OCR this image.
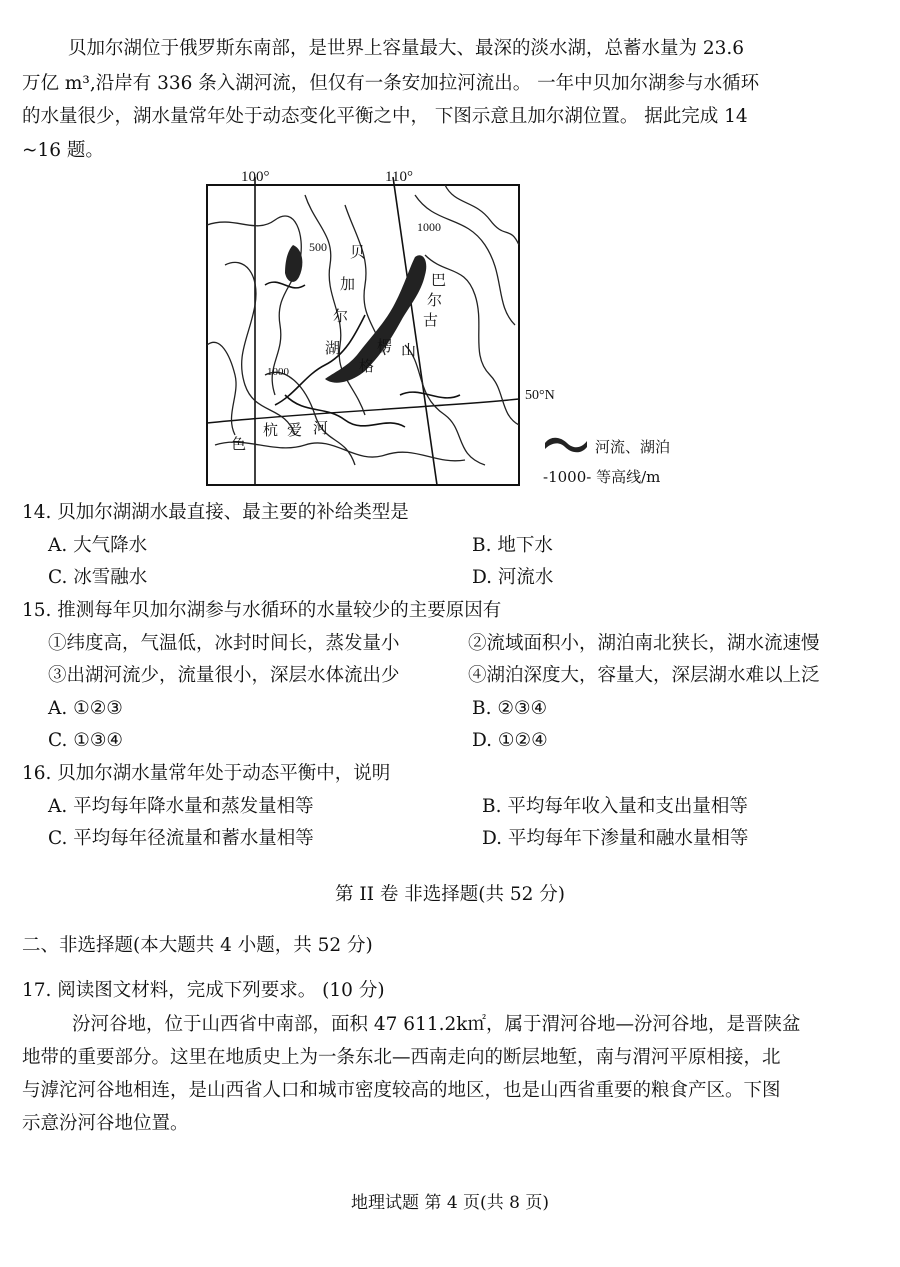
贝加尔湖位于俄罗斯东南部，是世界上容量最大、最深的淡水湖，总蓄水量为 23.6
万亿 m³,沿岸有 336 条入湖河流，但仅有一条安加拉河流出。 一年中贝加尔湖参与水循环
的水量很少，湖水量常年处于动态变化平衡之中， 下图示意且加尔湖位置。 据此完成 14
~16 题。
100°	110°
50°N
1000
500
1000
贝
加
尔
湖
巴
尔
古
山
河
杭 爱
色
楞
格
河流、湖泊
-1000- 等高线/m
14. 贝加尔湖湖水最直接、最主要的补给类型是
A. 大气降水	B. 地下水
C. 冰雪融水	D. 河流水
15. 推测每年贝加尔湖参与水循环的水量较少的主要原因有
①纬度高，气温低，冰封时间长，蒸发量小	②流域面积小，湖泊南北狭长，湖水流速慢
③出湖河流少，流量很小，深层水体流出少	④湖泊深度大，容量大，深层湖水难以上泛
A. ①②③	B. ②③④
C. ①③④	D. ①②④
16. 贝加尔湖水量常年处于动态平衡中，说明
A. 平均每年降水量和蒸发量相等	B. 平均每年收入量和支出量相等
C. 平均每年径流量和蓄水量相等	D. 平均每年下渗量和融水量相等
第 II 卷 非选择题(共 52 分)
二、非选择题(本大题共 4 小题，共 52 分)
17. 阅读图文材料，完成下列要求。 (10 分)
汾河谷地，位于山西省中南部，面积 47 611.2k㎡，属于渭河谷地—汾河谷地，是晋陕盆
地带的重要部分。这里在地质史上为一条东北—西南走向的断层地堑，南与渭河平原相接，北
与滹沱河谷地相连，是山西省人口和城市密度较高的地区，也是山西省重要的粮食产区。下图
示意汾河谷地位置。
地理试题 第 4 页(共 8 页)
